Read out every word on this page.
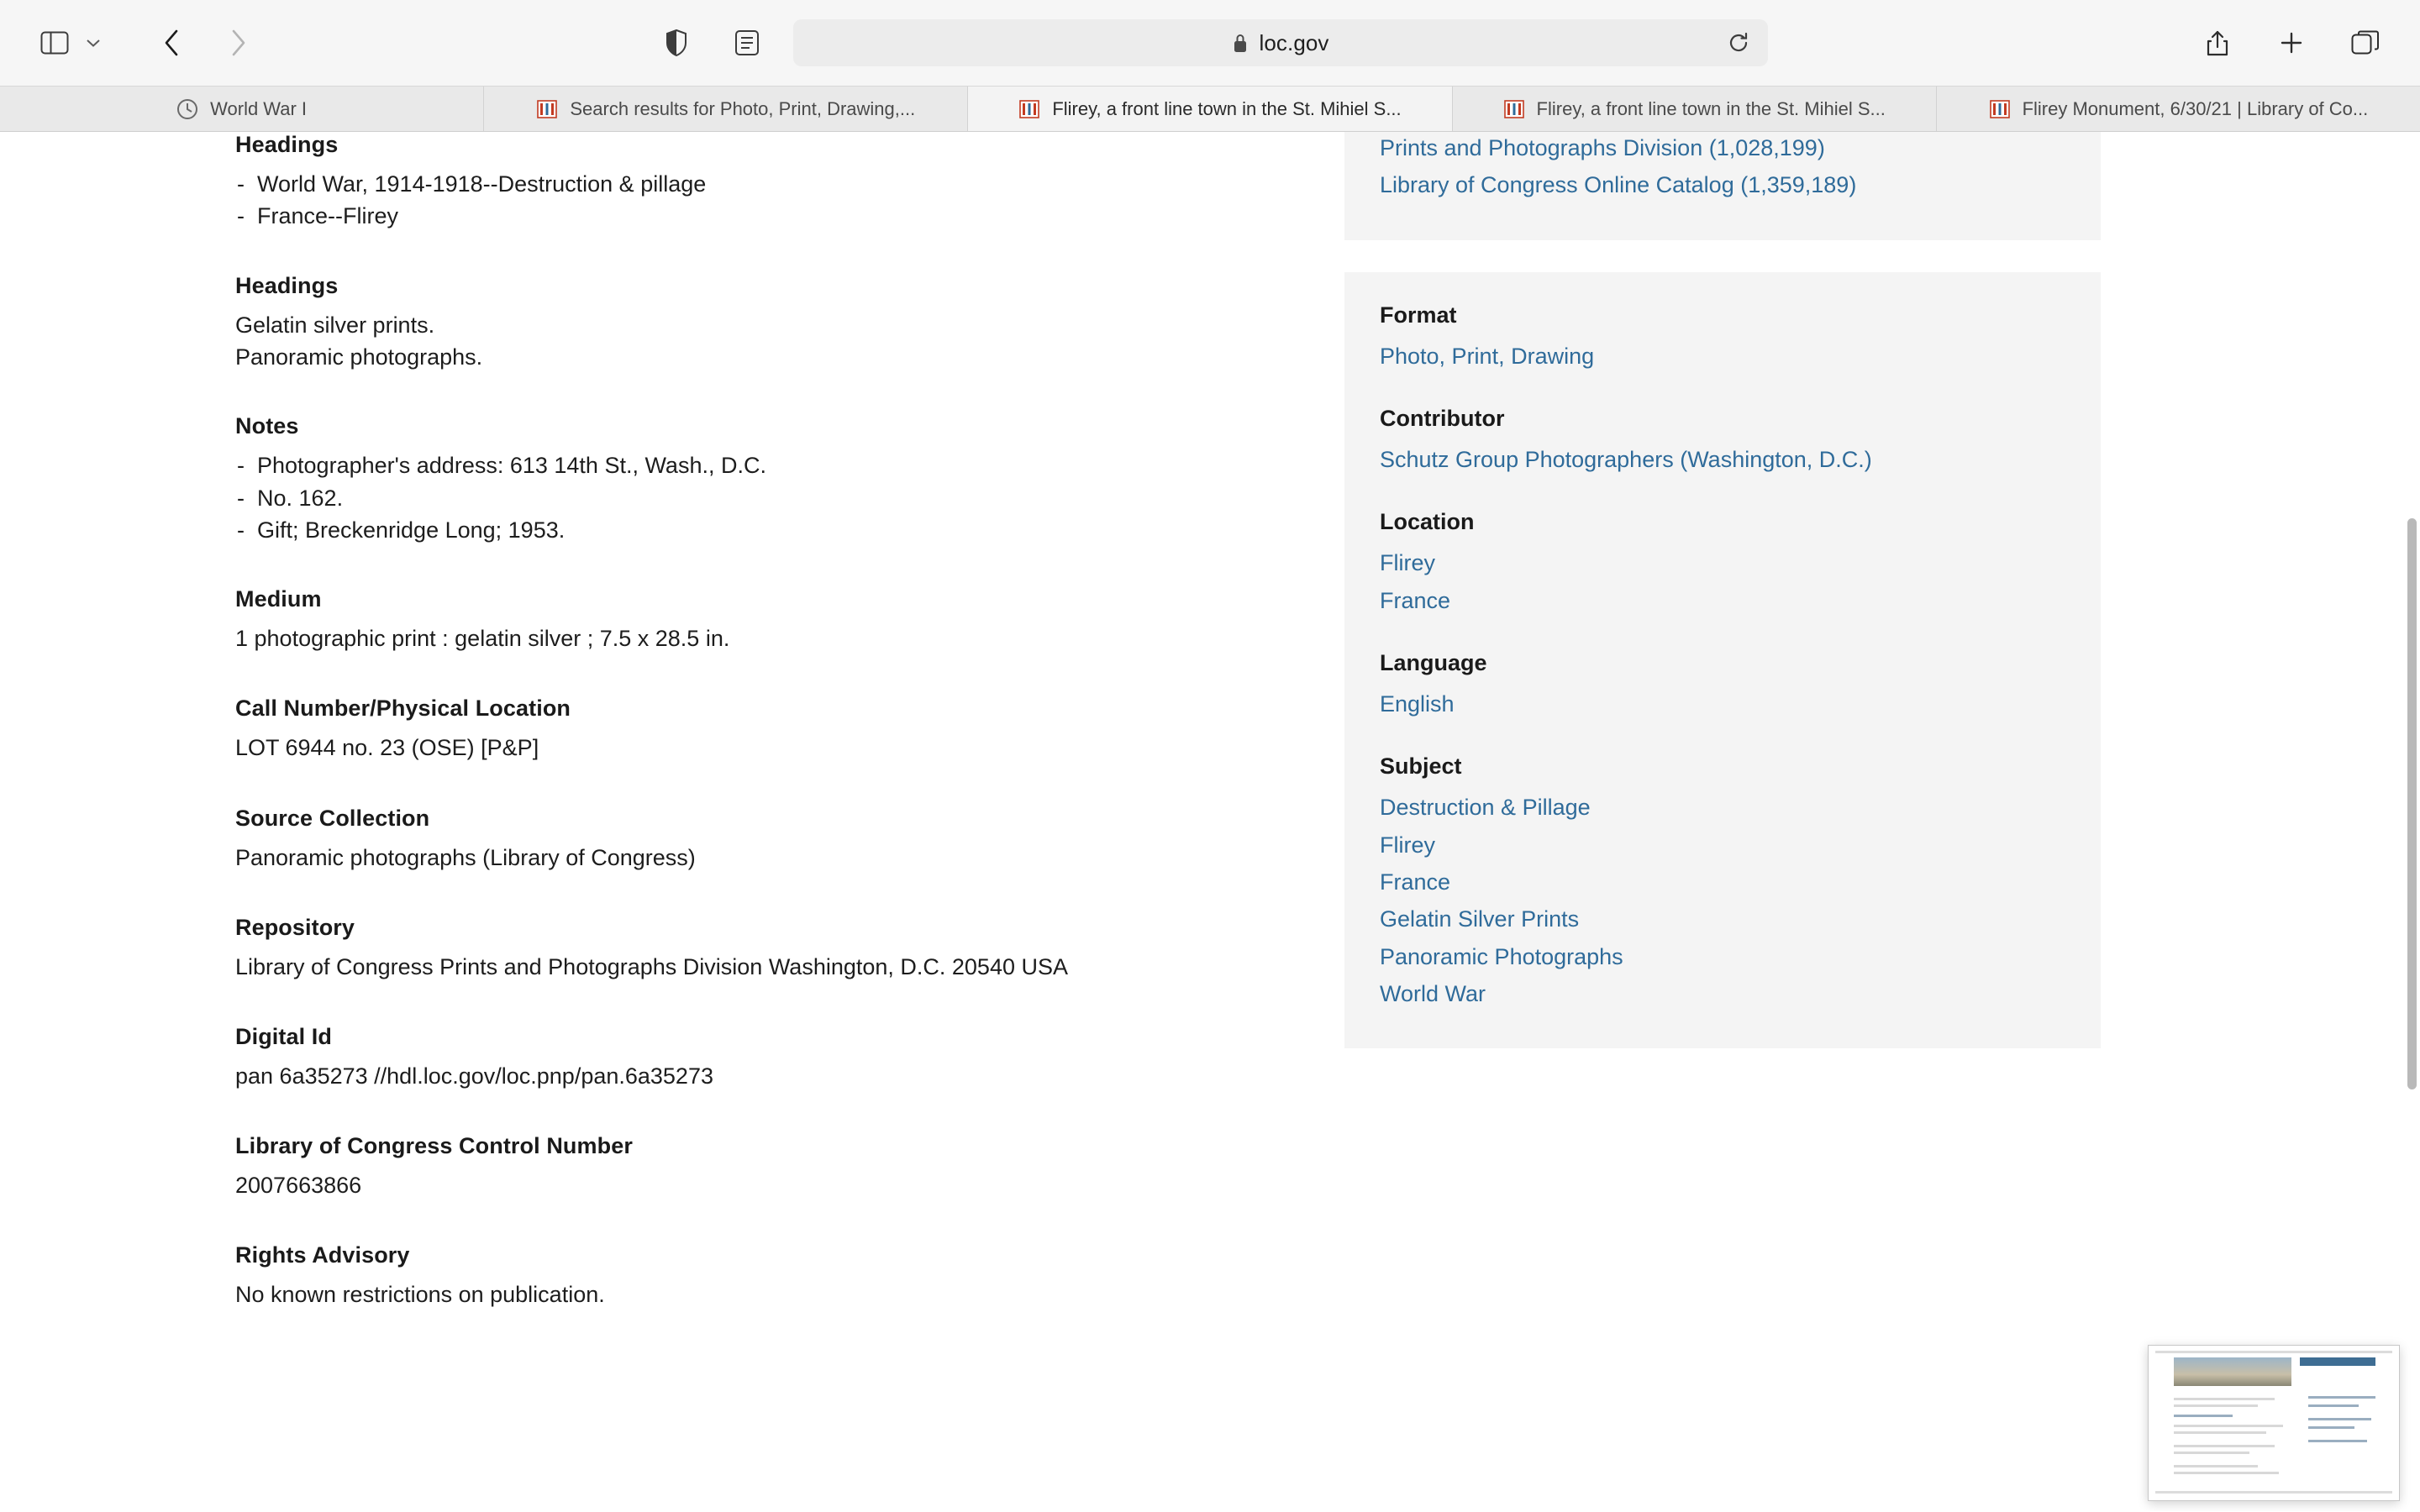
loc.gov
World War I	Search results for Photo, Print, Drawing,...	Flirey, a front line town in the St. Mihiel S...	Flirey, a front line town in the St. Mihiel S...	Flirey Monument, 6/30/21 | Library of Co...
Headings
- World War, 1914-1918--Destruction & pillage
- France--Flirey
Headings
Gelatin silver prints.
Panoramic photographs.
Notes
- Photographer's address: 613 14th St., Wash., D.C.
- No. 162.
- Gift; Breckenridge Long; 1953.
Medium
1 photographic print : gelatin silver ; 7.5 x 28.5 in.
Call Number/Physical Location
LOT 6944 no. 23 (OSE) [P&P]
Source Collection
Panoramic photographs (Library of Congress)
Repository
Library of Congress Prints and Photographs Division Washington, D.C. 20540 USA
Digital Id
pan 6a35273 //hdl.loc.gov/loc.pnp/pan.6a35273
Library of Congress Control Number
2007663866
Rights Advisory
No known restrictions on publication.
Prints and Photographs Division (1,028,199)
Library of Congress Online Catalog (1,359,189)
Format
Photo, Print, Drawing
Contributor
Schutz Group Photographers (Washington, D.C.)
Location
Flirey
France
Language
English
Subject
Destruction & Pillage
Flirey
France
Gelatin Silver Prints
Panoramic Photographs
World War
